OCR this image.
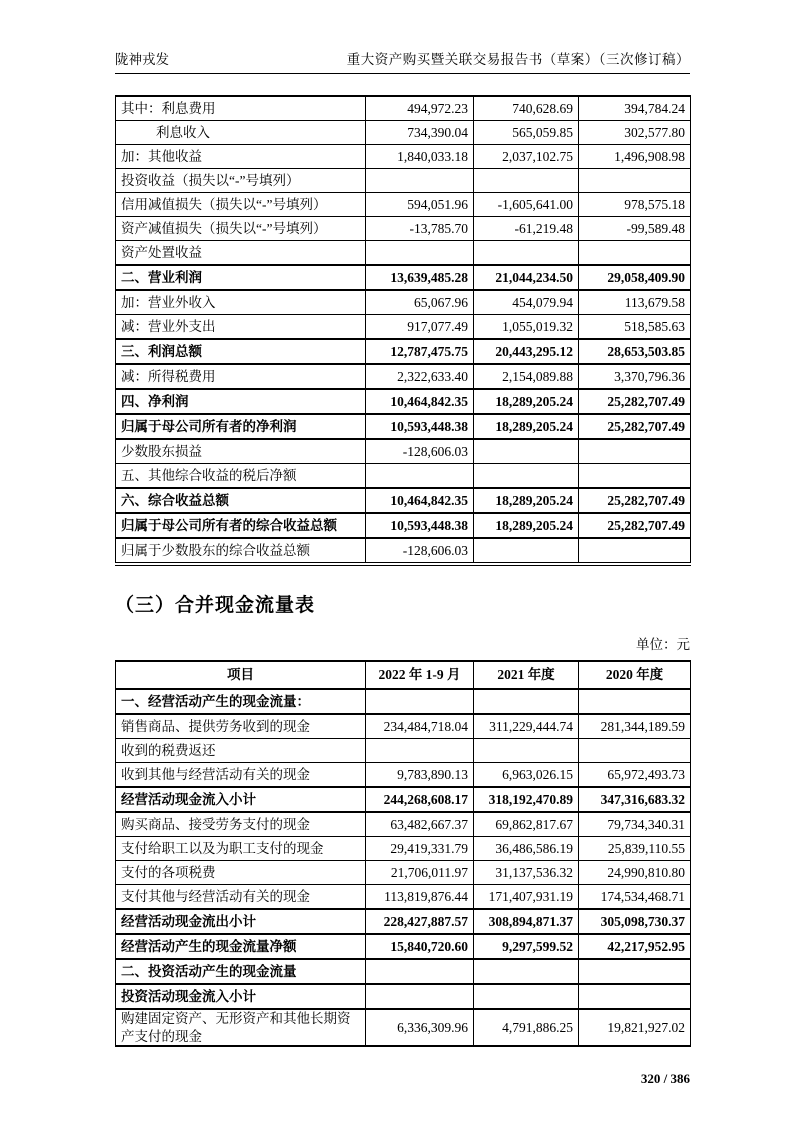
陇神戎发	重大资产购买暨关联交易报告书（草案）（三次修订稿）
其中：利息费用	494,972.23	740,628.69	394,784.24
利息收入	734,390.04	565,059.85	302,577.80
加：其他收益	1,840,033.18	2,037,102.75	1,496,908.98
投资收益（损失以“-”号填列）			
信用减值损失（损失以“-”号填列）	594,051.96	-1,605,641.00	978,575.18
资产减值损失（损失以“-”号填列）	-13,785.70	-61,219.48	-99,589.48
资产处置收益			
二、营业利润	13,639,485.28	21,044,234.50	29,058,409.90
加：营业外收入	65,067.96	454,079.94	113,679.58
减：营业外支出	917,077.49	1,055,019.32	518,585.63
三、利润总额	12,787,475.75	20,443,295.12	28,653,503.85
减：所得税费用	2,322,633.40	2,154,089.88	3,370,796.36
四、净利润	10,464,842.35	18,289,205.24	25,282,707.49
归属于母公司所有者的净利润	10,593,448.38	18,289,205.24	25,282,707.49
少数股东损益	-128,606.03		
五、其他综合收益的税后净额			
六、综合收益总额	10,464,842.35	18,289,205.24	25,282,707.49
归属于母公司所有者的综合收益总额	10,593,448.38	18,289,205.24	25,282,707.49
归属于少数股东的综合收益总额	-128,606.03		
（三）合并现金流量表
单位：元
项目	2022 年 1-9 月	2021 年度	2020 年度
一、经营活动产生的现金流量：			
销售商品、提供劳务收到的现金	234,484,718.04	311,229,444.74	281,344,189.59
收到的税费返还			
收到其他与经营活动有关的现金	9,783,890.13	6,963,026.15	65,972,493.73
经营活动现金流入小计	244,268,608.17	318,192,470.89	347,316,683.32
购买商品、接受劳务支付的现金	63,482,667.37	69,862,817.67	79,734,340.31
支付给职工以及为职工支付的现金	29,419,331.79	36,486,586.19	25,839,110.55
支付的各项税费	21,706,011.97	31,137,536.32	24,990,810.80
支付其他与经营活动有关的现金	113,819,876.44	171,407,931.19	174,534,468.71
经营活动现金流出小计	228,427,887.57	308,894,871.37	305,098,730.37
经营活动产生的现金流量净额	15,840,720.60	9,297,599.52	42,217,952.95
二、投资活动产生的现金流量			
投资活动现金流入小计			
购建固定资产、无形资产和其他长期资产支付的现金	6,336,309.96	4,791,886.25	19,821,927.02
320 / 386
